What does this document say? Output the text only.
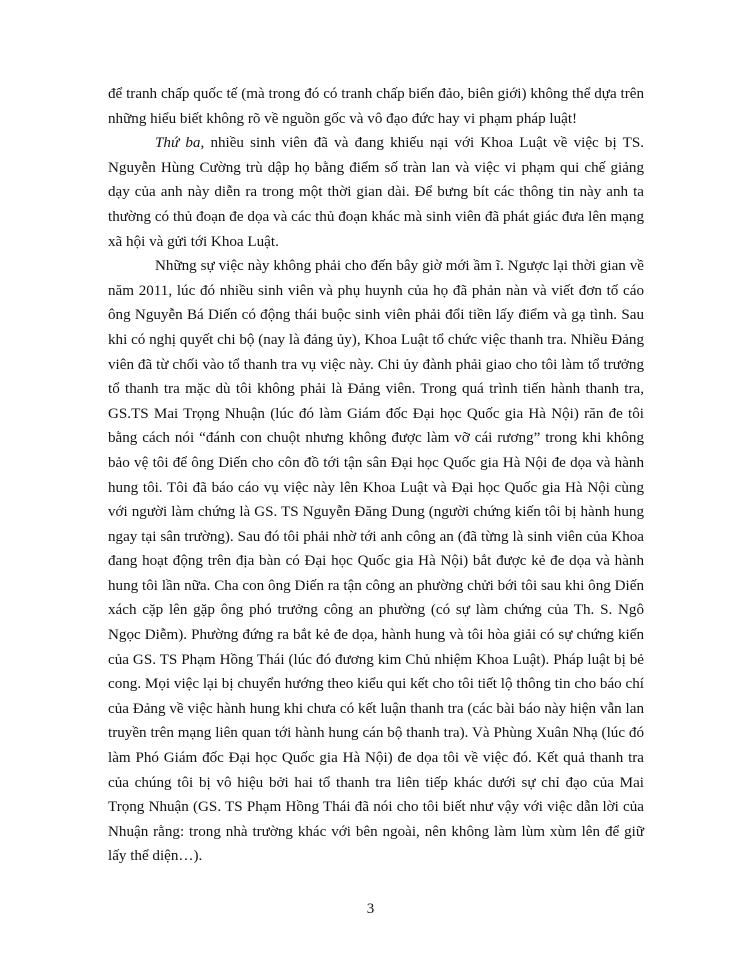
để tranh chấp quốc tế (mà trong đó có tranh chấp biển đảo, biên giới) không thể dựa trên những hiểu biết không rõ về nguồn gốc và vô đạo đức hay vi phạm pháp luật!

Thứ ba, nhiều sinh viên đã và đang khiếu nại với Khoa Luật về việc bị TS. Nguyễn Hùng Cường trù dập họ bằng điểm số tràn lan và việc vi phạm qui chế giảng dạy của anh này diễn ra trong một thời gian dài. Để bưng bít các thông tin này anh ta thường có thủ đoạn đe dọa và các thủ đoạn khác mà sinh viên đã phát giác đưa lên mạng xã hội và gửi tới Khoa Luật.

Những sự việc này không phải cho đến bây giờ mới ầm ĩ. Ngược lại thời gian về năm 2011, lúc đó nhiều sinh viên và phụ huynh của họ đã phản nàn và viết đơn tố cáo ông Nguyễn Bá Diến có động thái buộc sinh viên phải đổi tiền lấy điểm và gạ tình. Sau khi có nghị quyết chi bộ (nay là đảng ủy), Khoa Luật tổ chức việc thanh tra. Nhiều Đảng viên đã từ chối vào tổ thanh tra vụ việc này. Chi ủy đành phải giao cho tôi làm tổ trưởng tổ thanh tra mặc dù tôi không phải là Đảng viên. Trong quá trình tiến hành thanh tra, GS.TS Mai Trọng Nhuận (lúc đó làm Giám đốc Đại học Quốc gia Hà Nội) răn đe tôi bằng cách nói “đánh con chuột nhưng không được làm vỡ cái rương” trong khi không bảo vệ tôi để ông Diến cho côn đồ tới tận sân Đại học Quốc gia Hà Nội đe dọa và hành hung tôi. Tôi đã báo cáo vụ việc này lên Khoa Luật và Đại học Quốc gia Hà Nội cùng với người làm chứng là GS. TS Nguyễn Đăng Dung (người chứng kiến tôi bị hành hung ngay tại sân trường). Sau đó tôi phải nhờ tới anh công an (đã từng là sinh viên của Khoa đang hoạt động trên địa bàn có Đại học Quốc gia Hà Nội) bắt được kẻ đe dọa và hành hung tôi lần nữa. Cha con ông Diến ra tận công an phường chửi bới tôi sau khi ông Diến xách cặp lên gặp ông phó trưởng công an phường (có sự làm chứng của Th. S. Ngô Ngọc Diễm). Phường đứng ra bắt kẻ đe dọa, hành hung và tôi hòa giải có sự chứng kiến của GS. TS Phạm Hồng Thái (lúc đó đương kim Chủ nhiệm Khoa Luật). Pháp luật bị bẻ cong. Mọi việc lại bị chuyển hướng theo kiểu qui kết cho tôi tiết lộ thông tin cho báo chí của Đảng về việc hành hung khi chưa có kết luận thanh tra (các bài báo này hiện vẫn lan truyền trên mạng liên quan tới hành hung cán bộ thanh tra). Và Phùng Xuân Nhạ (lúc đó làm Phó Giám đốc Đại học Quốc gia Hà Nội) đe dọa tôi về việc đó. Kết quả thanh tra của chúng tôi bị vô hiệu bởi hai tổ thanh tra liên tiếp khác dưới sự chỉ đạo của Mai Trọng Nhuận (GS. TS Phạm Hồng Thái đã nói cho tôi biết như vậy với việc dẫn lời của Nhuận rằng: trong nhà trường khác với bên ngoài, nên không làm lùm xùm lên để giữ lấy thể diện…).

3
